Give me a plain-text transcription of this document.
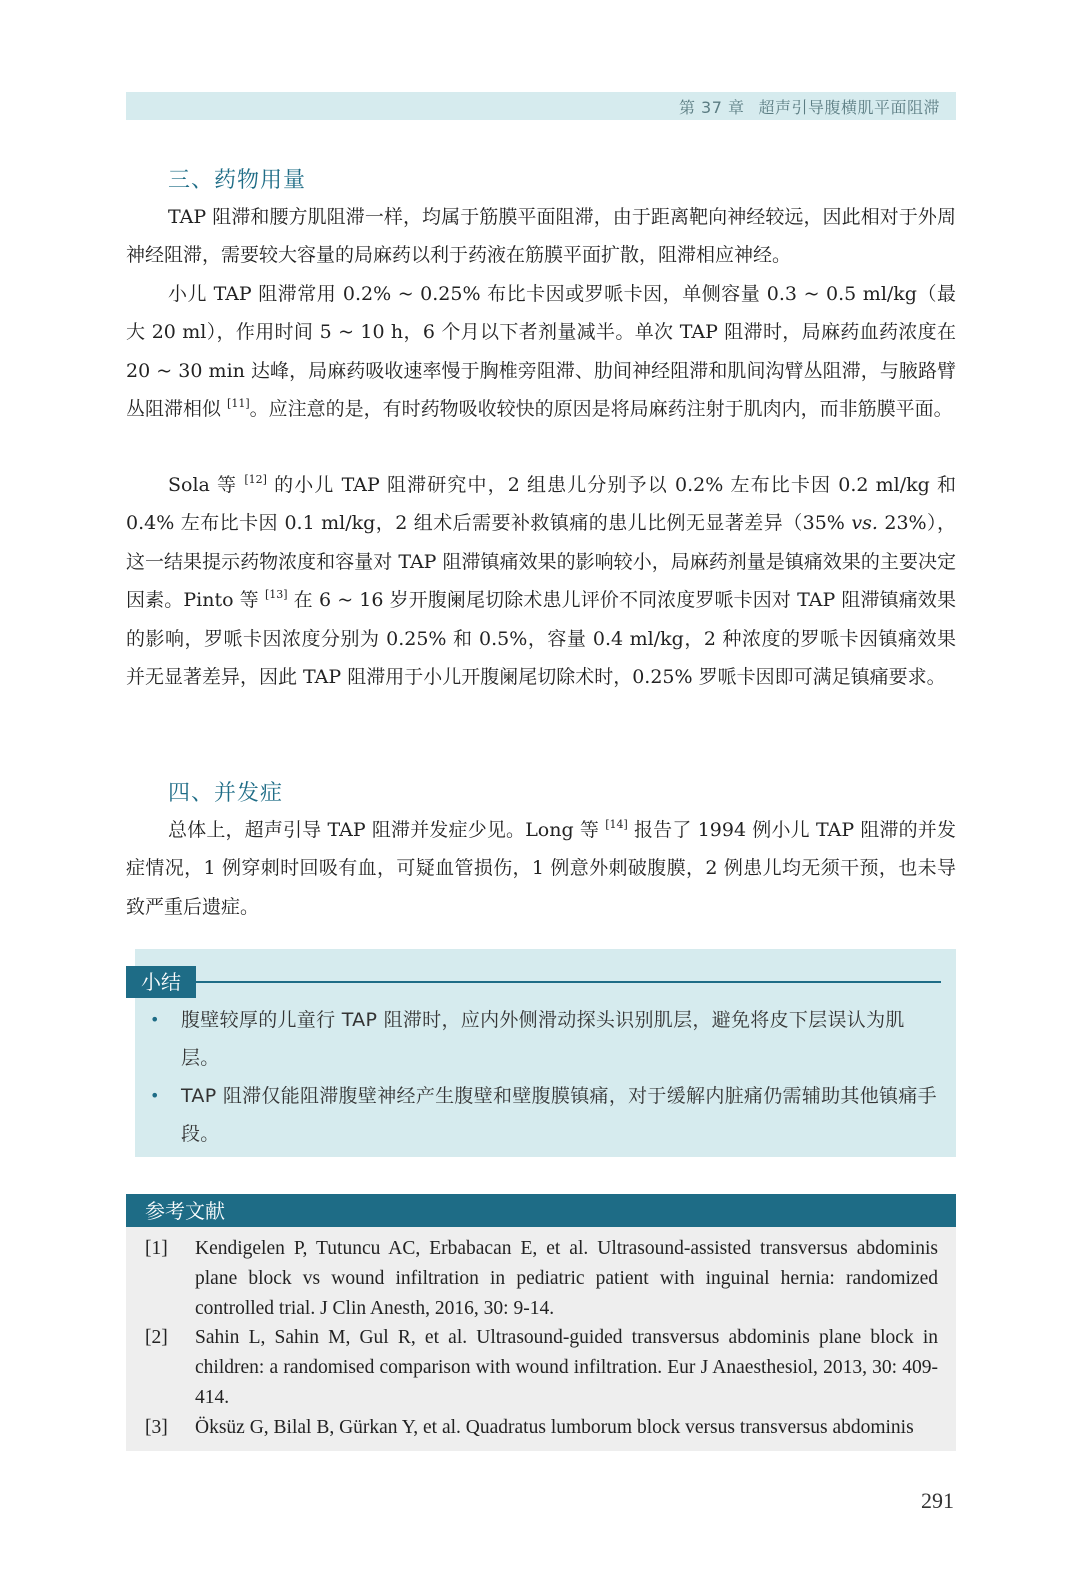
第 37 章 超声引导腹横肌平面阻滞
三、药物用量
TAP 阻滞和腰方肌阻滞一样，均属于筋膜平面阻滞，由于距离靶向神经较远，因此相对于外周神经阻滞，需要较大容量的局麻药以利于药液在筋膜平面扩散，阻滞相应神经。
小儿 TAP 阻滞常用 0.2% ~ 0.25% 布比卡因或罗哌卡因，单侧容量 0.3 ~ 0.5 ml/kg（最大 20 ml），作用时间 5 ~ 10 h，6 个月以下者剂量减半。单次 TAP 阻滞时，局麻药血药浓度在 20 ~ 30 min 达峰，局麻药吸收速率慢于胸椎旁阻滞、肋间神经阻滞和肌间沟臂丛阻滞，与腋路臂丛阻滞相似 [11]。应注意的是，有时药物吸收较快的原因是将局麻药注射于肌肉内，而非筋膜平面。
Sola 等 [12] 的小儿 TAP 阻滞研究中，2 组患儿分别予以 0.2% 左布比卡因 0.2 ml/kg 和 0.4% 左布比卡因 0.1 ml/kg，2 组术后需要补救镇痛的患儿比例无显著差异（35% vs. 23%），这一结果提示药物浓度和容量对 TAP 阻滞镇痛效果的影响较小，局麻药剂量是镇痛效果的主要决定因素。Pinto 等 [13] 在 6 ~ 16 岁开腹阑尾切除术患儿评价不同浓度罗哌卡因对 TAP 阻滞镇痛效果的影响，罗哌卡因浓度分别为 0.25% 和 0.5%，容量 0.4 ml/kg，2 种浓度的罗哌卡因镇痛效果并无显著差异，因此 TAP 阻滞用于小儿开腹阑尾切除术时，0.25% 罗哌卡因即可满足镇痛要求。
四、并发症
总体上，超声引导 TAP 阻滞并发症少见。Long 等 [14] 报告了 1994 例小儿 TAP 阻滞的并发症情况，1 例穿刺时回吸有血，可疑血管损伤，1 例意外刺破腹膜，2 例患儿均无须干预，也未导致严重后遗症。
小结
• 腹壁较厚的儿童行 TAP 阻滞时，应内外侧滑动探头识别肌层，避免将皮下层误认为肌层。
• TAP 阻滞仅能阻滞腹壁神经产生腹壁和壁腹膜镇痛，对于缓解内脏痛仍需辅助其他镇痛手段。
参考文献
[1] Kendigelen P, Tutuncu AC, Erbabacan E, et al. Ultrasound-assisted transversus abdominis plane block vs wound infiltration in pediatric patient with inguinal hernia: randomized controlled trial. J Clin Anesth, 2016, 30: 9-14.
[2] Sahin L, Sahin M, Gul R, et al. Ultrasound-guided transversus abdominis plane block in children: a randomised comparison with wound infiltration. Eur J Anaesthesiol, 2013, 30: 409-414.
[3] Öksüz G, Bilal B, Gürkan Y, et al. Quadratus lumborum block versus transversus abdominis
291
